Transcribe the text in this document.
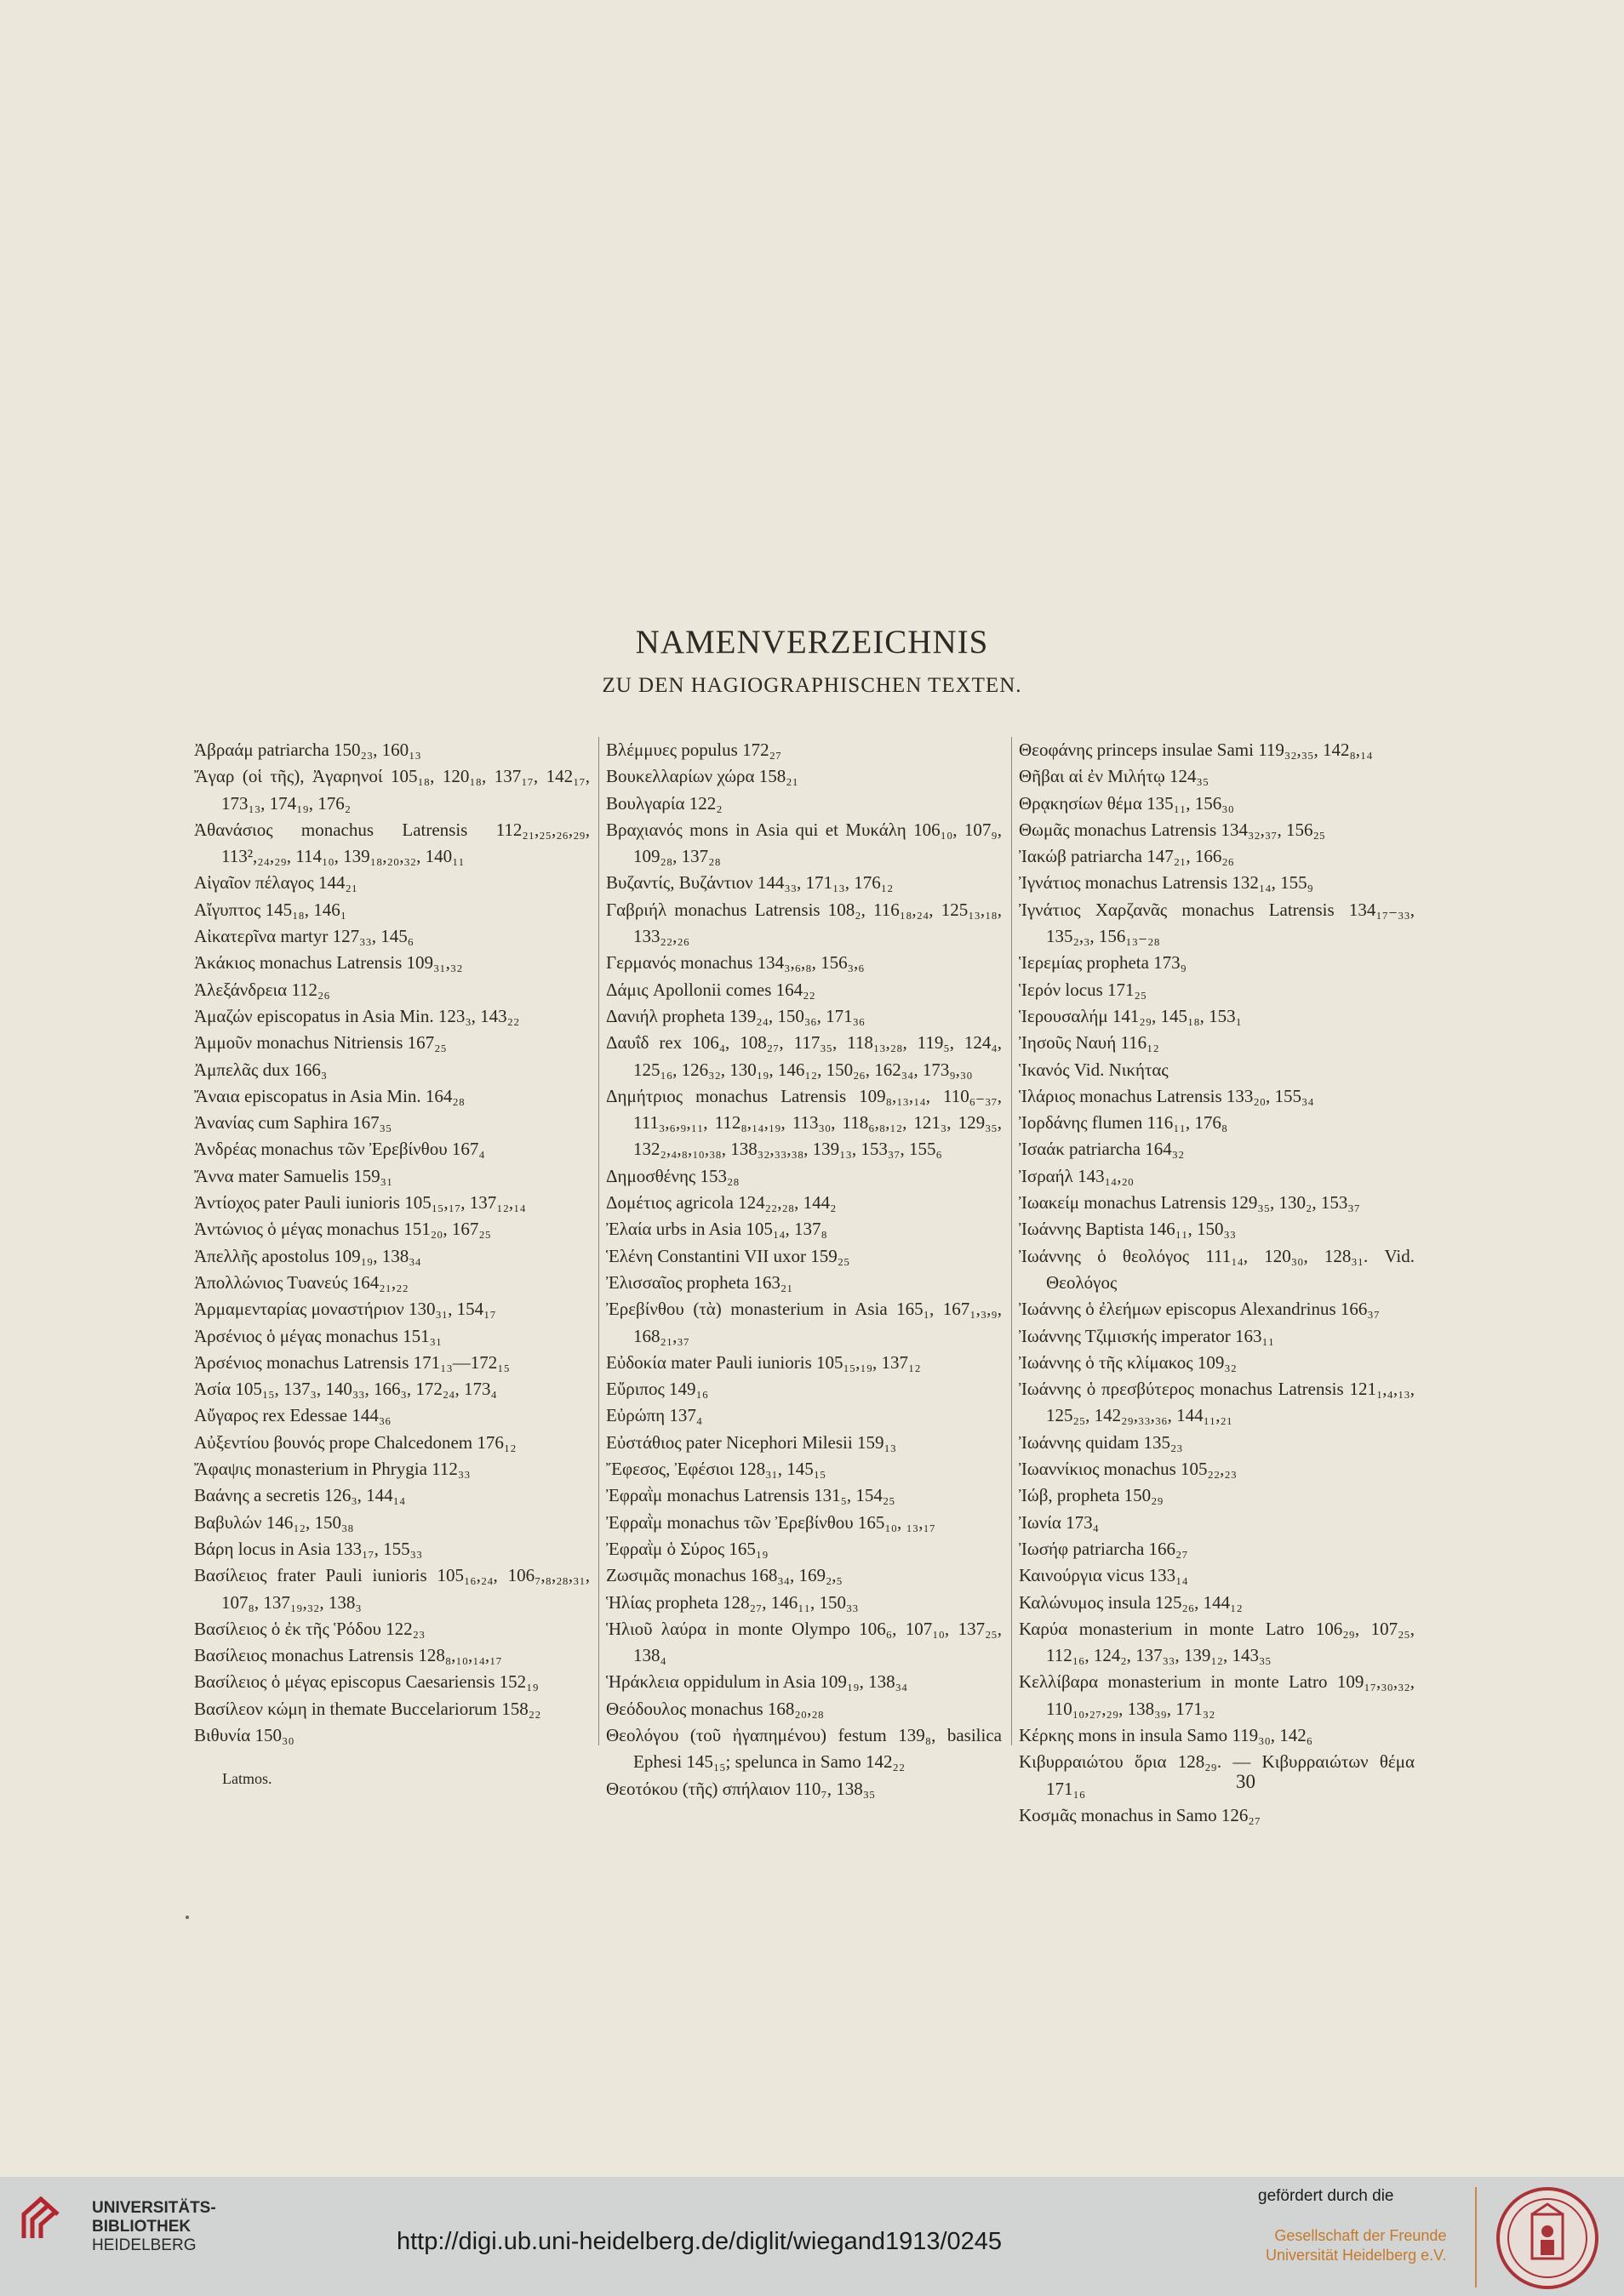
NAMENVERZEICHNIS
ZU DEN HAGIOGRAPHISCHEN TEXTEN.
Ἀβραάμ patriarcha 150₂₃, 160₁₃
Ἄγαρ (οἱ τῆς), Ἀγαρηνοί 105₁₈, 120₁₈, 137₁₇, 142₁₇, 173₁₃, 174₁₉, 176₂
Ἀθανάσιος monachus Latrensis 112₂₁,₂₅,₂₆,₂₉, 113²,₂₄,₂₉, 114₁₀, 139₁₈,₂₀,₃₂, 140₁₁
Αἰγαῖον πέλαγος 144₂₁
Αἴγυπτος 145₁₈, 146₁
Αἰκατερῖνα martyr 127₃₃, 145₆
Ἀκάκιος monachus Latrensis 109₃₁,₃₂
Ἀλεξάνδρεια 112₂₆
Ἀμαζών episcopatus in Asia Min. 123₃, 143₂₂
Ἀμμοῦν monachus Nitriensis 167₂₅
Ἀμπελᾶς dux 166₃
Ἄναια episcopatus in Asia Min. 164₂₈
Ἀνανίας cum Saphira 167₃₅
Ἀνδρέας monachus τῶν Ἐρεβίνθου 167₄
Ἄννα mater Samuelis 159₃₁
Ἀντίοχος pater Pauli iunioris 105₁₅,₁₇, 137₁₂,₁₄
Ἀντώνιος ὁ μέγας monachus 151₂₀, 167₂₅
Ἀπελλῆς apostolus 109₁₉, 138₃₄
Ἀπολλώνιος Τυανεύς 164₂₁,₂₂
Ἀρμαμενταρίας μοναστήριον 130₃₁, 154₁₇
Ἀρσένιος ὁ μέγας monachus 151₃₁
Ἀρσένιος monachus Latrensis 171₁₃—172₁₅
Ἀσία 105₁₅, 137₃, 140₃₃, 166₃, 172₂₄, 173₄
Αὔγαρος rex Edessae 144₃₆
Αὐξεντίου βουνός prope Chalcedonem 176₁₂
Ἄφαψις monasterium in Phrygia 112₃₃
Βαάνης a secretis 126₃, 144₁₄
Βαβυλών 146₁₂, 150₃₈
Βάρη locus in Asia 133₁₇, 155₃₃
Βασίλειος frater Pauli iunioris 105₁₆,₂₄, 106₇,₈,₂₈,₃₁, 107₈, 137₁₉,₃₂, 138₃
Βασίλειος ὁ ἐκ τῆς Ῥόδου 122₂₃
Βασίλειος monachus Latrensis 128₈,₁₀,₁₄,₁₇
Βασίλειος ὁ μέγας episcopus Caesariensis 152₁₉
Βασίλεον κώμη in themate Buccelariorum 158₂₂
Βιθυνία 150₃₀
Βλέμμυες populus 172₂₇
Βουκελλαρίων χώρα 158₂₁
Βουλγαρία 122₂
Βραχιανός mons in Asia qui et Μυκάλη 106₁₀, 107₉, 109₂₈, 137₂₈
Βυζαντίς, Βυζάντιον 144₃₃, 171₁₃, 176₁₂
Γαβριήλ monachus Latrensis 108₂, 116₁₈,₂₄, 125₁₃,₁₈, 133₂₂,₂₆
Γερμανός monachus 134₃,₆,₈, 156₃,₆
Δάμις Apollonii comes 164₂₂
Δανιήλ propheta 139₂₄, 150₃₆, 171₃₆
Δαυΐδ rex 106₄, 108₂₇, 117₃₅, 118₁₃,₂₈, 119₅, 124₄, 125₁₆, 126₃₂, 130₁₉, 146₁₂, 150₂₆, 162₃₄, 173₉,₃₀
Δημήτριος monachus Latrensis 109₈,₁₃,₁₄, 110₆₋₃₇, 111₃,₆,₉,₁₁, 112₈,₁₄,₁₉, 113₃₀, 118₆,₈,₁₂, 121₃, 129₃₅, 132₂,₄,₈,₁₀,₃₈, 138₃₂,₃₃,₃₈, 139₁₃, 153₃₇, 155₆
Δημοσθένης 153₂₈
Δομέτιος agricola 124₂₂,₂₈, 144₂
Ἐλαία urbs in Asia 105₁₄, 137₈
Ἑλένη Constantini VII uxor 159₂₅
Ἐλισσαῖος propheta 163₂₁
Ἐρεβίνθου (τὰ) monasterium in Asia 165₁, 167₁,₃,₉, 168₂₁,₃₇
Εὐδοκία mater Pauli iunioris 105₁₅,₁₉, 137₁₂
Εὔριπος 149₁₆
Εὐρώπη 137₄
Εὐστάθιος pater Nicephori Milesii 159₁₃
Ἔφεσος, Ἐφέσιοι 128₃₁, 145₁₅
Ἐφραῒμ monachus Latrensis 131₅, 154₂₅
Ἐφραῒμ monachus τῶν Ἐρεβίνθου 165₁₀, ₁₃,₁₇
Ἐφραῒμ ὁ Σύρος 165₁₉
Ζωσιμᾶς monachus 168₃₄, 169₂,₅
Ἡλίας propheta 128₂₇, 146₁₁, 150₃₃
Ἡλιοῦ λαύρα in monte Olympo 106₆, 107₁₀, 137₂₅, 138₄
Ἡράκλεια oppidulum in Asia 109₁₉, 138₃₄
Θεόδουλος monachus 168₂₀,₂₈
Θεολόγου (τοῦ ἠγαπημένου) festum 139₈, basilica Ephesi 145₁₅; spelunca in Samo 142₂₂
Θεοτόκου (τῆς) σπήλαιον 110₇, 138₃₅
Θεοφάνης princeps insulae Sami 119₃₂,₃₅, 142₈,₁₄
Θῆβαι αἱ ἐν Μιλήτῳ 124₃₅
Θρᾳκησίων θέμα 135₁₁, 156₃₀
Θωμᾶς monachus Latrensis 134₃₂,₃₇, 156₂₅
Ἰακώβ patriarcha 147₂₁, 166₂₆
Ἰγνάτιος monachus Latrensis 132₁₄, 155₉
Ἰγνάτιος Χαρζανᾶς monachus Latrensis 134₁₇₋₃₃, 135₂,₃, 156₁₃₋₂₈
Ἱερεμίας propheta 173₉
Ἱερόν locus 171₂₅
Ἱερουσαλήμ 141₂₉, 145₁₈, 153₁
Ἰησοῦς Ναυή 116₁₂
Ἱκανός Vid. Νικήτας
Ἱλάριος monachus Latrensis 133₂₀, 155₃₄
Ἰορδάνης flumen 116₁₁, 176₈
Ἰσαάκ patriarcha 164₃₂
Ἰσραήλ 143₁₄,₂₀
Ἰωακείμ monachus Latrensis 129₃₅, 130₂, 153₃₇
Ἰωάννης Baptista 146₁₁, 150₃₃
Ἰωάννης ὁ θεολόγος 111₁₄, 120₃₀, 128₃₁. Vid. Θεολόγος
Ἰωάννης ὁ ἐλεήμων episcopus Alexandrinus 166₃₇
Ἰωάννης Τζιμισκής imperator 163₁₁
Ἰωάννης ὁ τῆς κλίμακος 109₃₂
Ἰωάννης ὁ πρεσβύτερος monachus Latrensis 121₁,₄,₁₃, 125₂₅, 142₂₉,₃₃,₃₆, 144₁₁,₂₁
Ἰωάννης quidam 135₂₃
Ἰωαννίκιος monachus 105₂₂,₂₃
Ἰώβ, propheta 150₂₉
Ἰωνία 173₄
Ἰωσήφ patriarcha 166₂₇
Καινούργια vicus 133₁₄
Καλώνυμος insula 125₂₆, 144₁₂
Καρύα monasterium in monte Latro 106₂₉, 107₂₅, 112₁₆, 124₂, 137₃₃, 139₁₂, 143₃₅
Κελλίβαρα monasterium in monte Latro 109₁₇,₃₀,₃₂, 110₁₀,₂₇,₂₉, 138₃₉, 171₃₂
Κέρκης mons in insula Samo 119₃₀, 142₆
Κιβυρραιώτου ὅρια 128₂₉. — Κιβυρραιώτων θέμα 171₁₆
Κοσμᾶς monachus in Samo 126₂₇
Latmos.	30
UNIVERSITÄTS-
BIBLIOTHEK
HEIDELBERG	http://digi.ub.uni-heidelberg.de/diglit/wiegand1913/0245
gefördert durch die
Gesellschaft der Freunde
Universität Heidelberg e.V.
